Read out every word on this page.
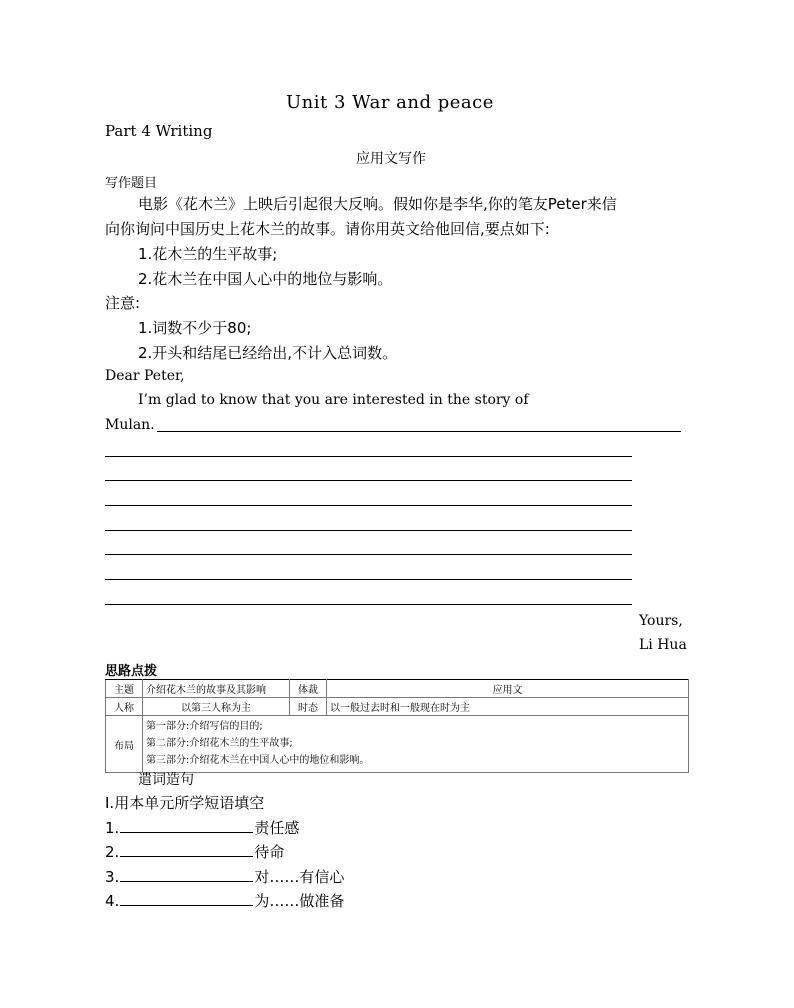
Unit 3 War and peace
Part 4 Writing
应用文写作
写作题目
电影《花木兰》上映后引起很大反响。假如你是李华,你的笔友Peter来信
向你询问中国历史上花木兰的故事。请你用英文给他回信,要点如下:
1.花木兰的生平故事;
2.花木兰在中国人心中的地位与影响。
注意:
1.词数不少于80;
2.开头和结尾已经给出,不计入总词数。
Dear Peter,
I’m glad to know that you are interested in the story of
Mulan.
Yours,
Li Hua
思路点拨
主题	介绍花木兰的故事及其影响	体裁	应用文
人称	以第三人称为主	时态	以一般过去时和一般现在时为主
布局	第一部分:介绍写信的目的;
第二部分:介绍花木兰的生平故事;
第三部分:介绍花木兰在中国人心中的地位和影响。		
遣词造句
Ⅰ.用本单元所学短语填空
1.	责任感
2.	待命
3.	对……有信心
4.	为……做准备
